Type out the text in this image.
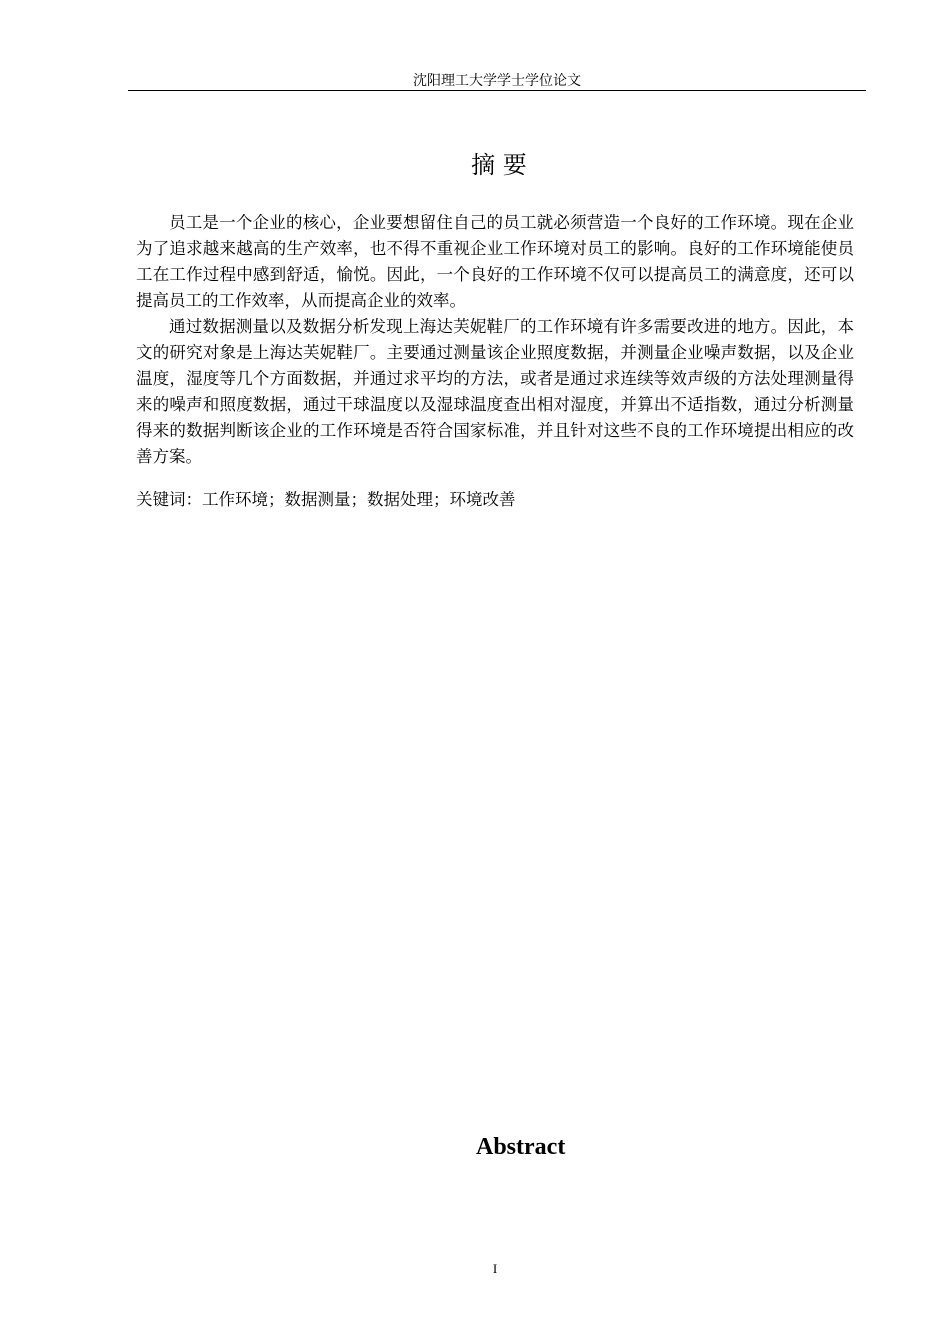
沈阳理工大学学士学位论文
摘 要

员工是一个企业的核心，企业要想留住自己的员工就必须营造一个良好的工作环境。现在企业为了追求越来越高的生产效率，也不得不重视企业工作环境对员工的影响。良好的工作环境能使员工在工作过程中感到舒适，愉悦。因此，一个良好的工作环境不仅可以提高员工的满意度，还可以提高员工的工作效率，从而提高企业的效率。

通过数据测量以及数据分析发现上海达芙妮鞋厂的工作环境有许多需要改进的地方。因此，本文的研究对象是上海达芙妮鞋厂。主要通过测量该企业照度数据，并测量企业噪声数据，以及企业温度，湿度等几个方面数据，并通过求平均的方法，或者是通过求连续等效声级的方法处理测量得来的噪声和照度数据，通过干球温度以及湿球温度查出相对湿度，并算出不适指数，通过分析测量得来的数据判断该企业的工作环境是否符合国家标准，并且针对这些不良的工作环境提出相应的改善方案。

关键词：工作环境；数据测量；数据处理；环境改善
Abstract
I
